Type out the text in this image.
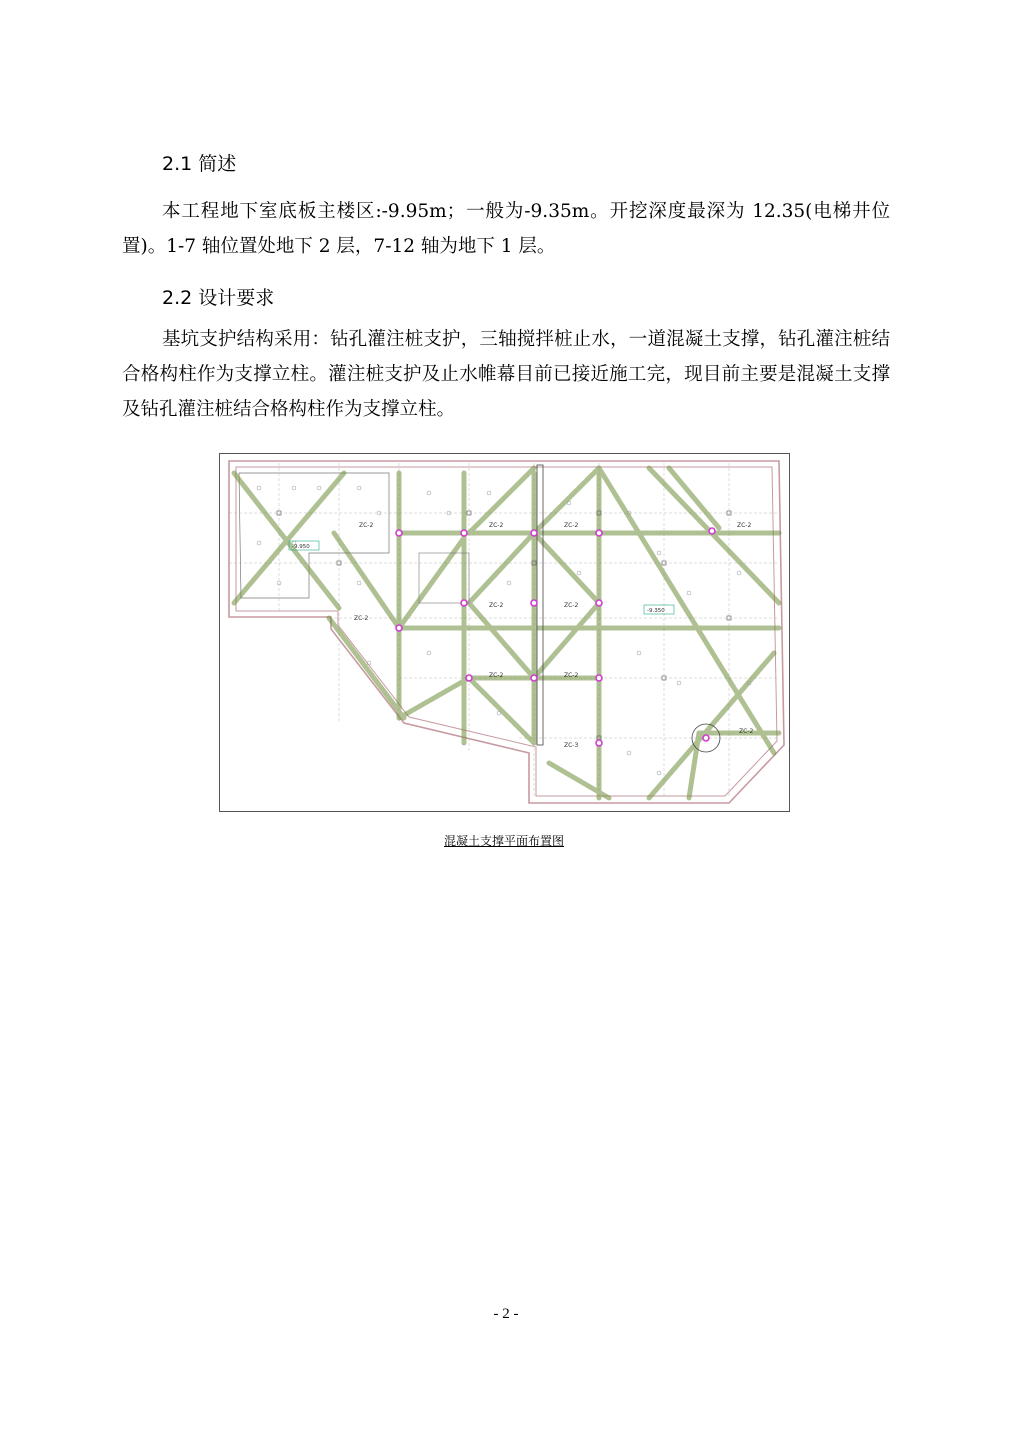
2.1 简述

本工程地下室底板主楼区:-9.95m；一般为-9.35m。开挖深度最深为 12.35(电梯井位置)。1-7 轴位置处地下 2 层，7-12 轴为地下 1 层。

2.2 设计要求

基坑支护结构采用：钻孔灌注桩支护，三轴搅拌桩止水，一道混凝土支撑，钻孔灌注桩结合格构柱作为支撑立柱。灌注桩支护及止水帷幕目前已接近施工完，现目前主要是混凝土支撑及钻孔灌注桩结合格构柱作为支撑立柱。

ZC-2	ZC-2	ZC-2
ZC-2	ZC-2
ZC-2
ZC-2	ZC-2
ZC-2
ZC-2
ZC-3
-9.950
-9.350
混凝土支撑平面布置图
- 2 -
